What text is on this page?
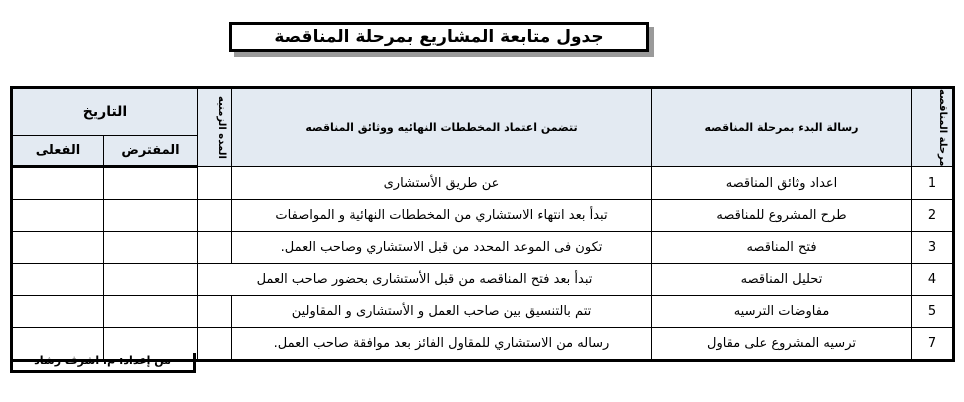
جدول متابعة المشاريع بمرحلة المناقصة
مرحلة المناقصه	رسالة البدء بمرحلة المناقصه	تتضمن اعتماد المخططات النهائيه ووثائق المناقصه	المده الزمنيه	التاريخ	
				المفترض	الفعلى
1	اعداد وثائق المناقصه	عن طريق الأستشارى			
2	طرح المشروع للمناقصه	تبدأ بعد انتهاء الاستشاري من المخططات النهائية و المواصفات			
3	فتح المناقصه	تكون فى الموعد المحدد من قبل الاستشاري وصاحب العمل.			
4	تحليل المناقصه	تبدأ بعد فتح المناقصه من قبل الأستشارى بحضور صاحب العمل			
5	مفاوضات الترسيه	تتم بالتنسيق بين صاحب العمل و الأستشارى و المقاولين			
7	ترسيه المشروع على مقاول	رساله من الاستشاري للمقاول الفائز بعد موافقة صاحب العمل.			
من إعداد: م. اشرف رشاد
